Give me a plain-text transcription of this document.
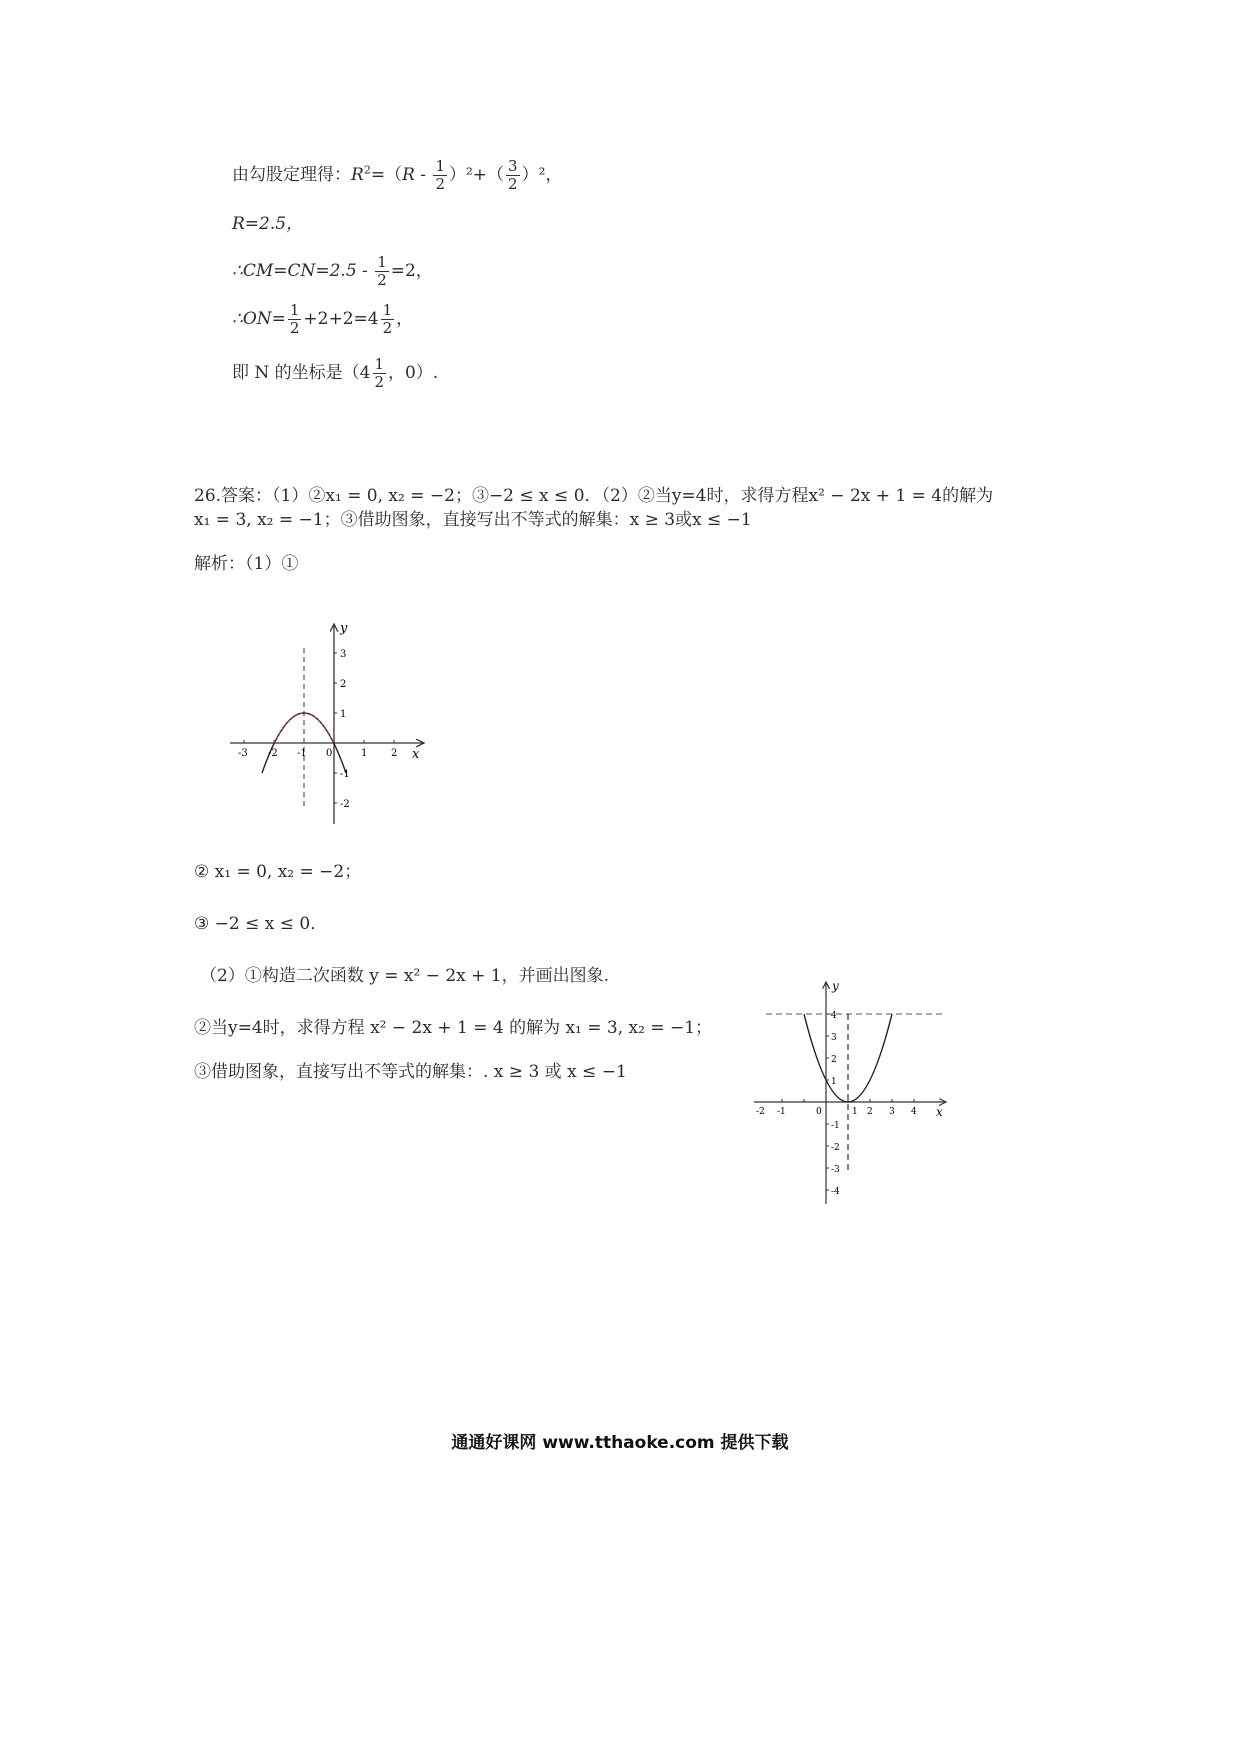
由勾股定理得：$R^2=(R - \frac{1}{2} )^2+( \frac{3}{2} )^2$，
R=2.5，
∴CM=CN=2.5 - $\frac{1}{2} =2$，
∴ON= $\frac{1}{2} +2+2=4 \frac{1}{2}$ ，
即 N 的坐标是（$4 \frac{1}{2}$ ，0）.
26.答案：（1）②x₁ = 0, x₂ = −2；③−2 ≤ x ≤ 0．（2）②当y=4时，求得方程x² − 2x + 1 = 4的解为
x₁ = 3, x₂ = −1；③借助图象，直接写出不等式的解集：x ≥ 3或x ≤ −1
解析：（1）①
x
y
-3 -2 -1 0	1 2
3
2
1
-1
-2
② x₁ = 0, x₂ = −2；
③ −2 ≤ x ≤ 0．
（2）①构造二次函数 y = x² − 2x + 1，并画出图象.
②当y=4时，求得方程 x² − 2x + 1 = 4 的解为 x₁ = 3, x₂ = −1；
③借助图象，直接写出不等式的解集：. x ≥ 3 或 x ≤ −1
x
y
-2 -1	0	1 2 3 4
4
3
2
1
-1
-2
-3
-4
通通好课网 www.tthaoke.com 提供下载
